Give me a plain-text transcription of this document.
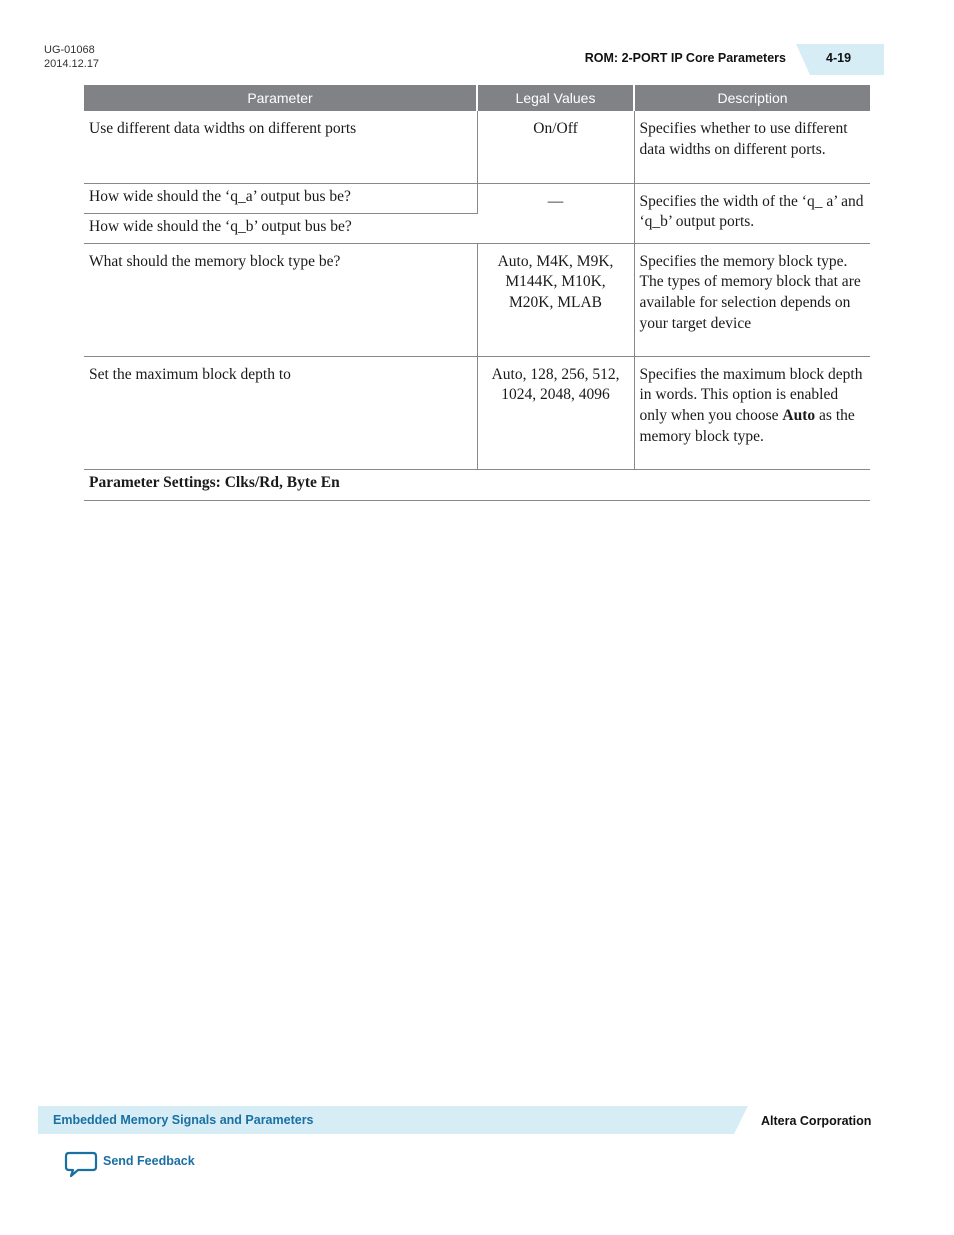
UG-01068
2014.12.17	ROM: 2-PORT IP Core Parameters	4-19
Parameter	Legal Values	Description
Use different data widths on different ports	On/Off	Specifies whether to use different data widths on different ports.
How wide should the ‘q_a’ output bus be?	—	Specifies the width of the ‘q_ a’ and ‘q_b’ output ports.
How wide should the ‘q_b’ output bus be?		
What should the memory block type be?	Auto, M4K, M9K, M144K, M10K, M20K, MLAB	Specifies the memory block type. The types of memory block that are available for selection depends on your target device
Set the maximum block depth to	Auto, 128, 256, 512, 1024, 2048, 4096	Specifies the maximum block depth in words. This option is enabled only when you choose Auto as the memory block type.
Parameter Settings: Clks/Rd, Byte En		
Embedded Memory Signals and Parameters	Altera Corporation
Send Feedback
